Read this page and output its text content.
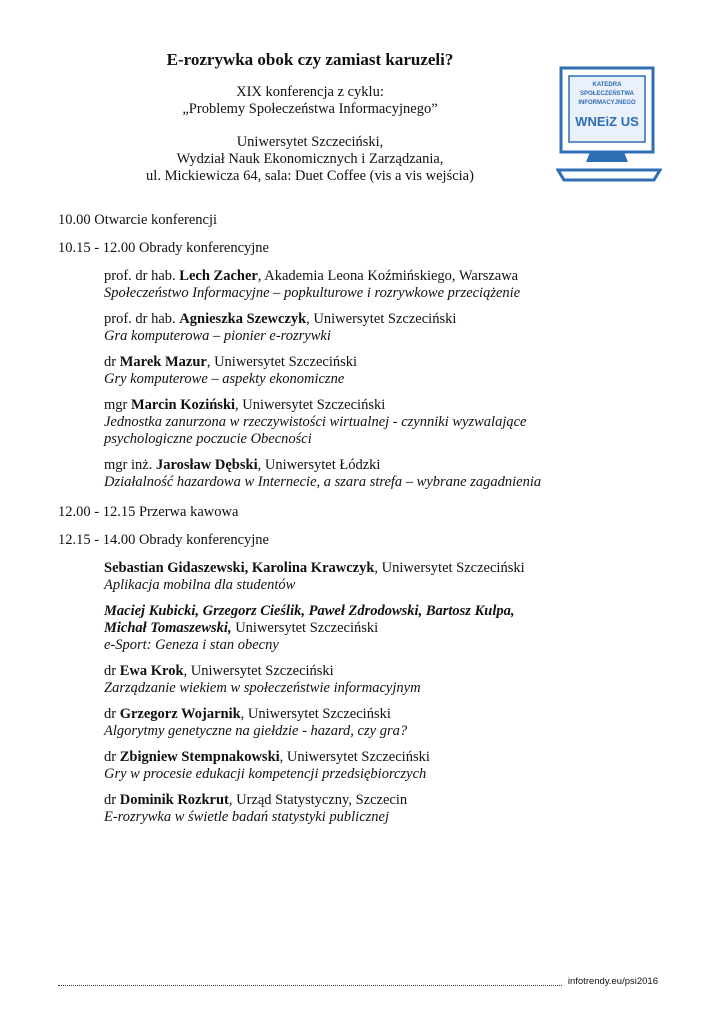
E-rozrywka obok czy zamiast karuzeli?
XIX konferencja z cyklu:
„Problemy Społeczeństwa Informacyjnego”
Uniwersytet Szczeciński,
Wydział Nauk Ekonomicznych i Zarządzania,
ul. Mickiewicza 64, sala: Duet Coffee (vis a vis wejścia)
KATEDRA
SPOŁECZEŃSTWA
INFORMACYJNEGO
WNEiZ US
10.00 Otwarcie konferencji
10.15 - 12.00 Obrady konferencyjne
prof. dr hab. Lech Zacher, Akademia Leona Koźmińskiego, Warszawa
Społeczeństwo Informacyjne – popkulturowe i rozrywkowe przeciążenie
prof. dr hab. Agnieszka Szewczyk, Uniwersytet Szczeciński
Gra komputerowa – pionier e-rozrywki
dr Marek Mazur, Uniwersytet Szczeciński
Gry komputerowe – aspekty ekonomiczne
mgr Marcin Koziński, Uniwersytet Szczeciński
Jednostka zanurzona w rzeczywistości wirtualnej - czynniki wyzwalające psychologiczne poczucie Obecności
mgr inż. Jarosław Dębski, Uniwersytet Łódzki
Działalność hazardowa w Internecie, a szara strefa – wybrane zagadnienia
12.00 - 12.15 Przerwa kawowa
12.15 - 14.00 Obrady konferencyjne
Sebastian Gidaszewski, Karolina Krawczyk, Uniwersytet Szczeciński
Aplikacja mobilna dla studentów
Maciej Kubicki, Grzegorz Cieślik, Paweł Zdrodowski, Bartosz Kulpa,
Michał Tomaszewski, Uniwersytet Szczeciński
e-Sport: Geneza i stan obecny
dr Ewa Krok, Uniwersytet Szczeciński
Zarządzanie wiekiem w społeczeństwie informacyjnym
dr Grzegorz Wojarnik, Uniwersytet Szczeciński
Algorytmy genetyczne na giełdzie - hazard, czy gra?
dr Zbigniew Stempnakowski, Uniwersytet Szczeciński
Gry w procesie edukacji kompetencji przedsiębiorczych
dr Dominik Rozkrut, Urząd Statystyczny, Szczecin
E-rozrywka w świetle badań statystyki publicznej
infotrendy.eu/psi2016
